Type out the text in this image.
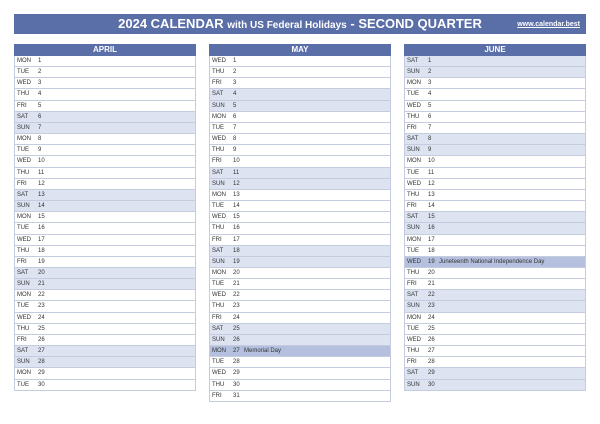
2024 CALENDAR with US Federal Holidays - SECOND QUARTER	www.calendar.best
APRIL
MON 1
TUE 2
WED 3
THU 4
FRI 5
SAT 6
SUN 7
MON 8
TUE 9
WED 10
THU 11
FRI 12
SAT 13
SUN 14
MON 15
TUE 16
WED 17
THU 18
FRI 19
SAT 20
SUN 21
MON 22
TUE 23
WED 24
THU 25
FRI 26
SAT 27
SUN 28
MON 29
TUE 30
MAY
WED 1
THU 2
FRI 3
SAT 4
SUN 5
MON 6
TUE 7
WED 8
THU 9
FRI 10
SAT 11
SUN 12
MON 13
TUE 14
WED 15
THU 16
FRI 17
SAT 18
SUN 19
MON 20
TUE 21
WED 22
THU 23
FRI 24
SAT 25
SUN 26
MON 27 Memorial Day
TUE 28
WED 29
THU 30
FRI 31
JUNE
SAT 1
SUN 2
MON 3
TUE 4
WED 5
THU 6
FRI 7
SAT 8
SUN 9
MON 10
TUE 11
WED 12
THU 13
FRI 14
SAT 15
SUN 16
MON 17
TUE 18
WED 19 Juneteenth National Independence Day
THU 20
FRI 21
SAT 22
SUN 23
MON 24
TUE 25
WED 26
THU 27
FRI 28
SAT 29
SUN 30
